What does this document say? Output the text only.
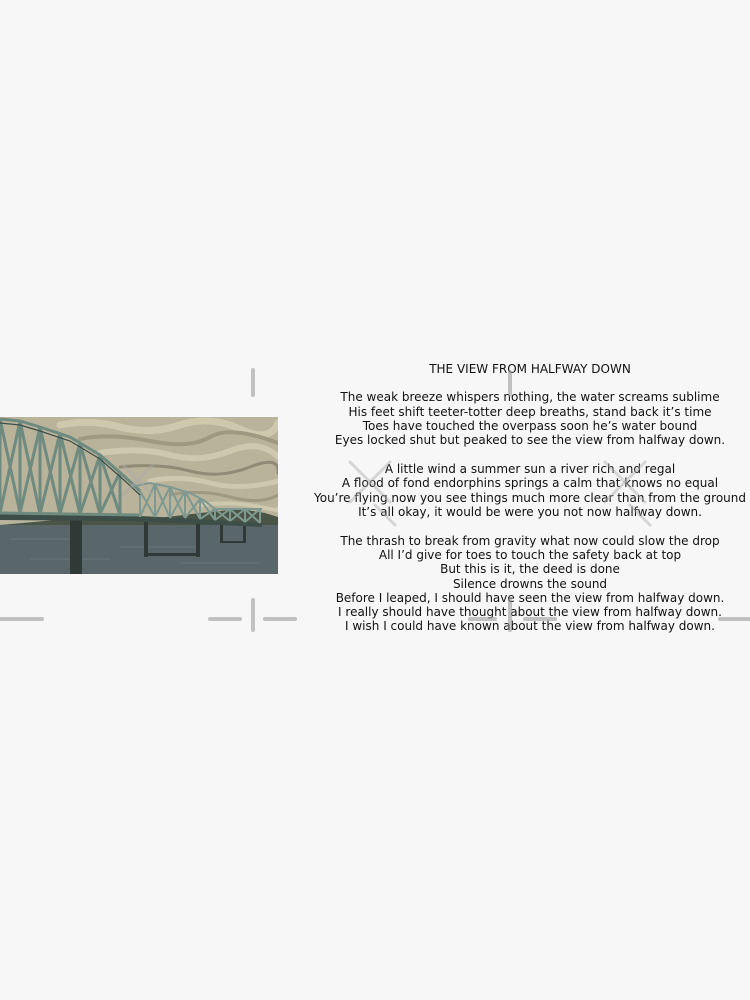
THE VIEW FROM HALFWAY DOWN
The weak breeze whispers nothing, the water screams sublime
His feet shift teeter-totter deep breaths, stand back it’s time
Toes have touched the overpass soon he’s water bound
Eyes locked shut but peaked to see the view from halfway down.
A little wind a summer sun a river rich and regal
A flood of fond endorphins springs a calm that knows no equal
You’re flying now you see things much more clear than from the ground
It’s all okay, it would be were you not now halfway down.
The thrash to break from gravity what now could slow the drop
All I’d give for toes to touch the safety back at top
But this is it, the deed is done
Silence drowns the sound
Before I leaped, I should have seen the view from halfway down.
I really should have thought about the view from halfway down.
I wish I could have known about the view from halfway down.
